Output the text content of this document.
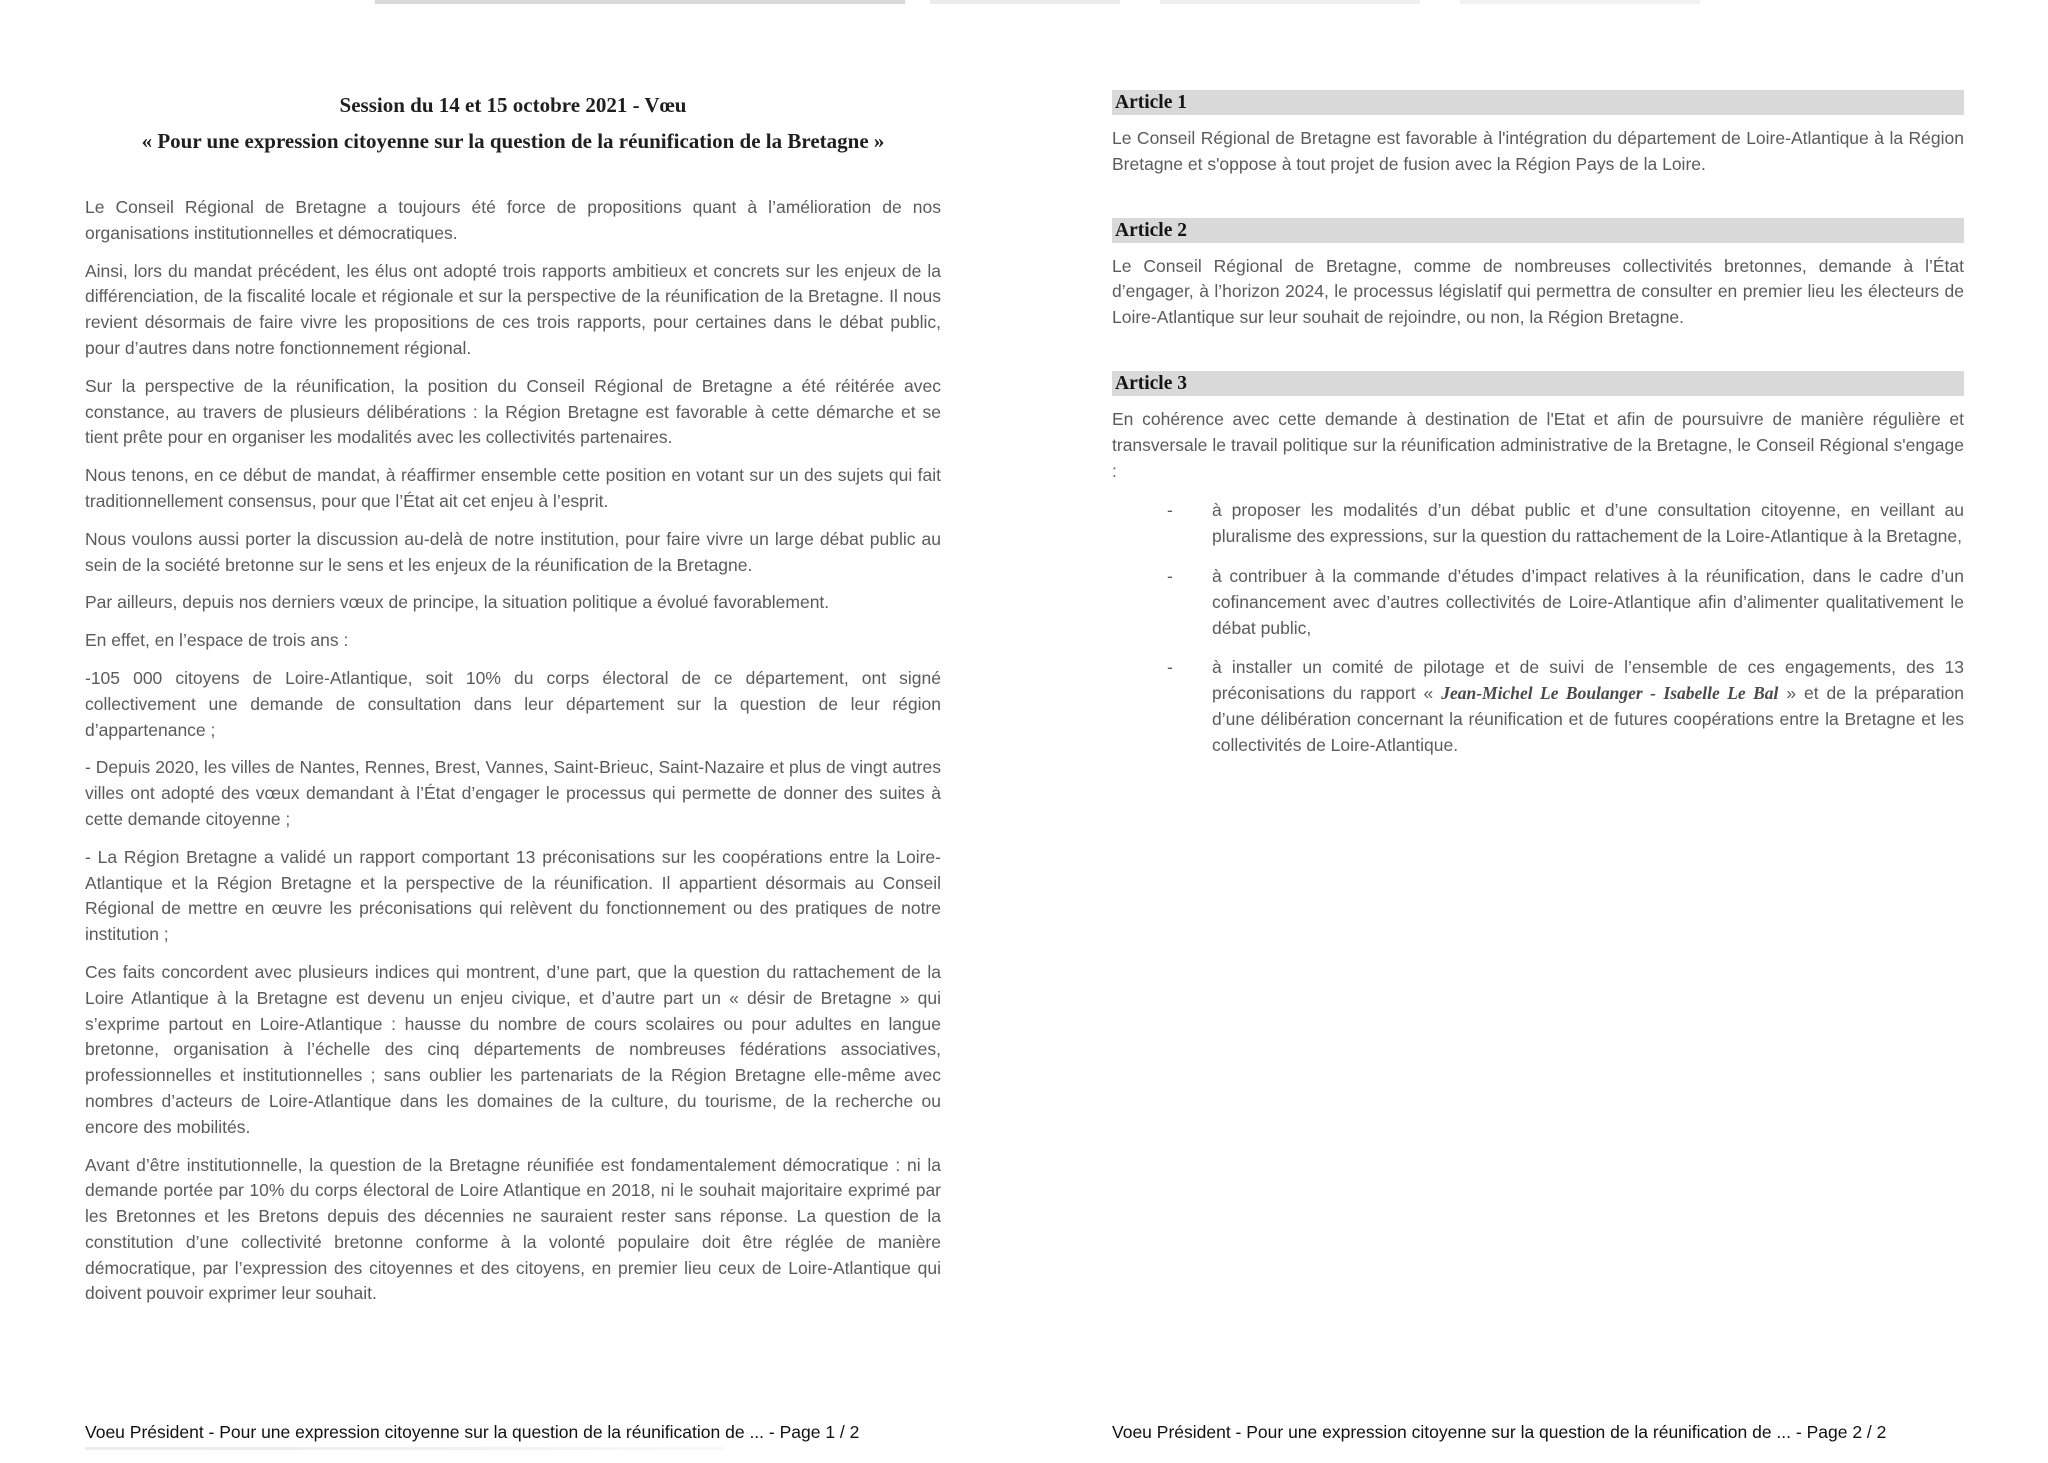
Session du 14 et 15 octobre 2021 - Vœu
« Pour une expression citoyenne sur la question de la réunification de la Bretagne »

Le Conseil Régional de Bretagne a toujours été force de propositions quant à l’amélioration de nos organisations institutionnelles et démocratiques.

Ainsi, lors du mandat précédent, les élus ont adopté trois rapports ambitieux et concrets sur les enjeux de la différenciation, de la fiscalité locale et régionale et sur la perspective de la réunification de la Bretagne. Il nous revient désormais de faire vivre les propositions de ces trois rapports, pour certaines dans le débat public, pour d’autres dans notre fonctionnement régional.

Sur la perspective de la réunification, la position du Conseil Régional de Bretagne a été réitérée avec constance, au travers de plusieurs délibérations : la Région Bretagne est favorable à cette démarche et se tient prête pour en organiser les modalités avec les collectivités partenaires.

Nous tenons, en ce début de mandat, à réaffirmer ensemble cette position en votant sur un des sujets qui fait traditionnellement consensus, pour que l’État ait cet enjeu à l’esprit.

Nous voulons aussi porter la discussion au-delà de notre institution, pour faire vivre un large débat public au sein de la société bretonne sur le sens et les enjeux de la réunification de la Bretagne.

Par ailleurs, depuis nos derniers vœux de principe, la situation politique a évolué favorablement.

En effet, en l’espace de trois ans :

-105 000 citoyens de Loire-Atlantique, soit 10% du corps électoral de ce département, ont signé collectivement une demande de consultation dans leur département sur la question de leur région d’appartenance ;

- Depuis 2020, les villes de Nantes, Rennes, Brest, Vannes, Saint-Brieuc, Saint-Nazaire et plus de vingt autres villes ont adopté des vœux demandant à l’État d’engager le processus qui permette de donner des suites à cette demande citoyenne ;

- La Région Bretagne a validé un rapport comportant 13 préconisations sur les coopérations entre la Loire-Atlantique et la Région Bretagne et la perspective de la réunification. Il appartient désormais au Conseil Régional de mettre en œuvre les préconisations qui relèvent du fonctionnement ou des pratiques de notre institution ;

Ces faits concordent avec plusieurs indices qui montrent, d’une part, que la question du rattachement de la Loire Atlantique à la Bretagne est devenu un enjeu civique, et d’autre part un « désir de Bretagne » qui s’exprime partout en Loire-Atlantique : hausse du nombre de cours scolaires ou pour adultes en langue bretonne, organisation à l’échelle des cinq départements de nombreuses fédérations associatives, professionnelles et institutionnelles ; sans oublier les partenariats de la Région Bretagne elle-même avec nombres d’acteurs de Loire-Atlantique dans les domaines de la culture, du tourisme, de la recherche ou encore des mobilités.

Avant d’être institutionnelle, la question de la Bretagne réunifiée est fondamentalement démocratique : ni la demande portée par 10% du corps électoral de Loire Atlantique en 2018, ni le souhait majoritaire exprimé par les Bretonnes et les Bretons depuis des décennies ne sauraient rester sans réponse. La question de la constitution d’une collectivité bretonne conforme à la volonté populaire doit être réglée de manière démocratique, par l’expression des citoyennes et des citoyens, en premier lieu ceux de Loire-Atlantique qui doivent pouvoir exprimer leur souhait.

Article 1

Le Conseil Régional de Bretagne est favorable à l'intégration du département de Loire-Atlantique à la Région Bretagne et s'oppose à tout projet de fusion avec la Région Pays de la Loire.

Article 2

Le Conseil Régional de Bretagne, comme de nombreuses collectivités bretonnes, demande à l’État d’engager, à l’horizon 2024, le processus législatif qui permettra de consulter en premier lieu les électeurs de Loire-Atlantique sur leur souhait de rejoindre, ou non, la Région Bretagne.

Article 3

En cohérence avec cette demande à destination de l'Etat et afin de poursuivre de manière régulière et transversale le travail politique sur la réunification administrative de la Bretagne, le Conseil Régional s'engage :

- à proposer les modalités d’un débat public et d’une consultation citoyenne, en veillant au pluralisme des expressions, sur la question du rattachement de la Loire-Atlantique à la Bretagne,
- à contribuer à la commande d’études d’impact relatives à la réunification, dans le cadre d’un cofinancement avec d’autres collectivités de Loire-Atlantique afin d’alimenter qualitativement le débat public,
- à installer un comité de pilotage et de suivi de l’ensemble de ces engagements, des 13 préconisations du rapport « Jean-Michel Le Boulanger - Isabelle Le Bal » et de la préparation d’une délibération concernant la réunification et de futures coopérations entre la Bretagne et les collectivités de Loire-Atlantique.
Voeu Président - Pour une expression citoyenne sur la question de la réunification de ... - Page 1 / 2	Voeu Président - Pour une expression citoyenne sur la question de la réunification de ... - Page 2 / 2
